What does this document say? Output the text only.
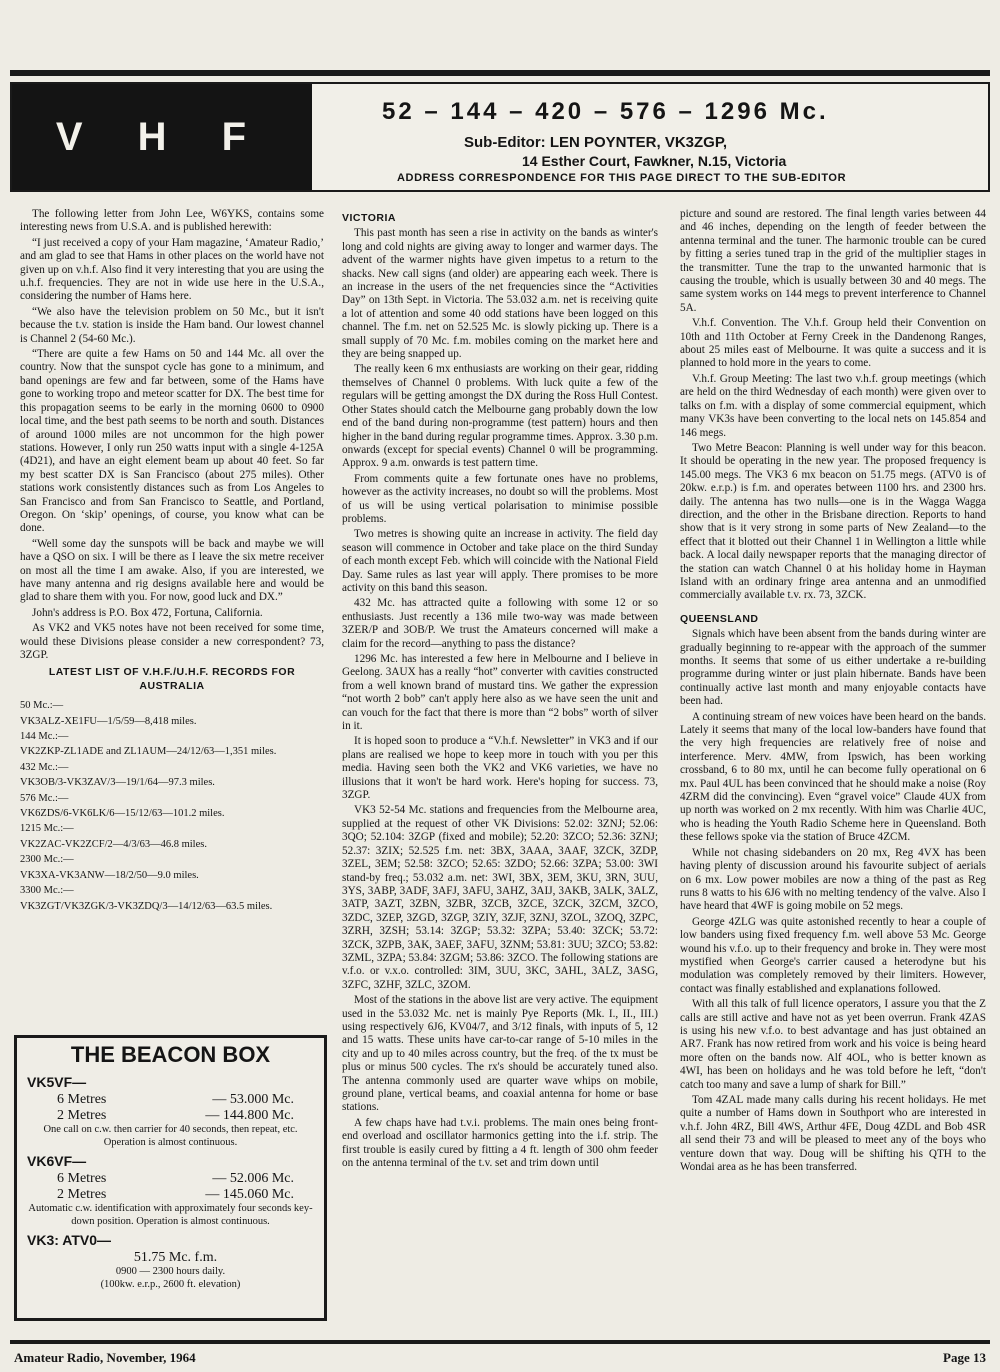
V H F
52 – 144 – 420 – 576 – 1296 Mc.
Sub-Editor: LEN POYNTER, VK3ZGP,
14 Esther Court, Fawkner, N.15, Victoria
ADDRESS CORRESPONDENCE FOR THIS PAGE DIRECT TO THE SUB-EDITOR

The following letter from John Lee, W6YKS, contains some interesting news from U.S.A. and is published herewith:

“I just received a copy of your Ham magazine, ‘Amateur Radio,’ and am glad to see that Hams in other places on the world have not given up on v.h.f. Also find it very interesting that you are using the u.h.f. frequencies. They are not in wide use here in the U.S.A., considering the number of Hams here.

“We also have the television problem on 50 Mc., but it isn't because the t.v. station is inside the Ham band. Our lowest channel is Channel 2 (54-60 Mc.).

“There are quite a few Hams on 50 and 144 Mc. all over the country. Now that the sunspot cycle has gone to a minimum, and band openings are few and far between, some of the Hams have gone to working tropo and meteor scatter for DX. The best time for this propagation seems to be early in the morning 0600 to 0900 local time, and the best path seems to be north and south. Distances of around 1000 miles are not uncommon for the high power stations. However, I only run 250 watts input with a single 4-125A (4D21), and have an eight element beam up about 40 feet. So far my best scatter DX is San Francisco (about 275 miles). Other stations work consistently distances such as from Los Angeles to San Francisco and from San Francisco to Seattle, and Portland, Oregon. On ‘skip’ openings, of course, you know what can be done.

“Well some day the sunspots will be back and maybe we will have a QSO on six. I will be there as I leave the six metre receiver on most all the time I am awake. Also, if you are interested, we have many antenna and rig designs available here and would be glad to share them with you. For now, good luck and DX.”

John's address is P.O. Box 472, Fortuna, California.

As VK2 and VK5 notes have not been received for some time, would these Divisions please consider a new correspondent? 73, 3ZGP.

LATEST LIST OF V.H.F./U.H.F. RECORDS FOR AUSTRALIA

50 Mc.:—

VK3ALZ-XE1FU—1/5/59—8,418 miles.

144 Mc.:—

VK2ZKP-ZL1ADE and ZL1AUM—24/12/63—1,351 miles.

432 Mc.:—

VK3OB/3-VK3ZAV/3—19/1/64—97.3 miles.

576 Mc.:—

VK6ZDS/6-VK6LK/6—15/12/63—101.2 miles.

1215 Mc.:—

VK2ZAC-VK2ZCF/2—4/3/63—46.8 miles.

2300 Mc.:—

VK3XA-VK3ANW—18/2/50—9.0 miles.

3300 Mc.:—

VK3ZGT/VK3ZGK/3-VK3ZDQ/3—14/12/63—63.5 miles.

THE BEACON BOX
VK5VF—
6 Metres	— 53.000 Mc.
2 Metres	— 144.800 Mc.
One call on c.w. then carrier for 40 seconds, then repeat, etc. Operation is almost continuous.
VK6VF—
6 Metres	— 52.006 Mc.
2 Metres	— 145.060 Mc.
Automatic c.w. identification with approximately four seconds key-down position. Operation is almost continuous.
VK3: ATV0—
51.75 Mc. f.m.
0900 — 2300 hours daily.
(100kw. e.r.p., 2600 ft. elevation)
VICTORIA

This past month has seen a rise in activity on the bands as winter's long and cold nights are giving away to longer and warmer days. The advent of the warmer nights have given impetus to a return to the shacks. New call signs (and older) are appearing each week. There is an increase in the users of the net frequencies since the “Activities Day” on 13th Sept. in Victoria. The 53.032 a.m. net is receiving quite a lot of attention and some 40 odd stations have been logged on this channel. The f.m. net on 52.525 Mc. is slowly picking up. There is a small supply of 70 Mc. f.m. mobiles coming on the market here and they are being snapped up.

The really keen 6 mx enthusiasts are working on their gear, ridding themselves of Channel 0 problems. With luck quite a few of the regulars will be getting amongst the DX during the Ross Hull Contest. Other States should catch the Melbourne gang probably down the low end of the band during non-programme (test pattern) hours and then higher in the band during regular programme times. Approx. 3.30 p.m. onwards (except for special events) Channel 0 will be programming. Approx. 9 a.m. onwards is test pattern time.

From comments quite a few fortunate ones have no problems, however as the activity increases, no doubt so will the problems. Most of us will be using vertical polarisation to minimise possible problems.

Two metres is showing quite an increase in activity. The field day season will commence in October and take place on the third Sunday of each month except Feb. which will coincide with the National Field Day. Same rules as last year will apply. There promises to be more activity on this band this season.

432 Mc. has attracted quite a following with some 12 or so enthusiasts. Just recently a 136 mile two-way was made between 3ZER/P and 3OB/P. We trust the Amateurs concerned will make a claim for the record—anything to pass the distance?

1296 Mc. has interested a few here in Melbourne and I believe in Geelong. 3AUX has a really “hot” converter with cavities constructed from a well known brand of mustard tins. We gather the expression “not worth 2 bob” can't apply here also as we have seen the unit and can vouch for the fact that there is more than “2 bobs” worth of silver in it.

It is hoped soon to produce a “V.h.f. Newsletter” in VK3 and if our plans are realised we hope to keep more in touch with you per this media. Having seen both the VK2 and VK6 varieties, we have no illusions that it won't be hard work. Here's hoping for success. 73, 3ZGP.

VK3 52-54 Mc. stations and frequencies from the Melbourne area, supplied at the request of other VK Divisions: 52.02: 3ZNJ; 52.06: 3QO; 52.104: 3ZGP (fixed and mobile); 52.20: 3ZCO; 52.36: 3ZNJ; 52.37: 3ZIX; 52.525 f.m. net: 3BX, 3AAA, 3AAF, 3ZCK, 3ZDP, 3ZEL, 3EM; 52.58: 3ZCO; 52.65: 3ZDO; 52.66: 3ZPA; 53.00: 3WI stand-by freq.; 53.032 a.m. net: 3WI, 3BX, 3EM, 3KU, 3RN, 3UU, 3YS, 3ABP, 3ADF, 3AFJ, 3AFU, 3AHZ, 3AIJ, 3AKB, 3ALK, 3ALZ, 3ATP, 3AZT, 3ZBN, 3ZBR, 3ZCB, 3ZCE, 3ZCK, 3ZCM, 3ZCO, 3ZDC, 3ZEP, 3ZGD, 3ZGP, 3ZIY, 3ZJF, 3ZNJ, 3ZOL, 3ZOQ, 3ZPC, 3ZRH, 3ZSH; 53.14: 3ZGP; 53.32: 3ZPA; 53.40: 3ZCK; 53.72: 3ZCK, 3ZPB, 3AK, 3AEF, 3AFU, 3ZNM; 53.81: 3UU; 3ZCO; 53.82: 3ZML, 3ZPA; 53.84: 3ZGM; 53.86: 3ZCO. The following stations are v.f.o. or v.x.o. controlled: 3IM, 3UU, 3KC, 3AHL, 3ALZ, 3ASG, 3ZFC, 3ZHF, 3ZLC, 3ZOM.

Most of the stations in the above list are very active. The equipment used in the 53.032 Mc. net is mainly Pye Reports (Mk. I., II., III.) using respectively 6J6, KV04/7, and 3/12 finals, with inputs of 5, 12 and 15 watts. These units have car-to-car range of 5-10 miles in the city and up to 40 miles across country, but the freq. of the tx must be plus or minus 500 cycles. The rx's should be accurately tuned also. The antenna commonly used are quarter wave whips on mobile, ground plane, vertical beams, and coaxial antenna for home or base stations.

A few chaps have had t.v.i. problems. The main ones being front-end overload and oscillator harmonics getting into the i.f. strip. The first trouble is easily cured by fitting a 4 ft. length of 300 ohm feeder on the antenna terminal of the t.v. set and trim down until

picture and sound are restored. The final length varies between 44 and 46 inches, depending on the length of feeder between the antenna terminal and the tuner. The harmonic trouble can be cured by fitting a series tuned trap in the grid of the multiplier stages in the transmitter. Tune the trap to the unwanted harmonic that is causing the trouble, which is usually between 30 and 40 megs. The same system works on 144 megs to prevent interference to Channel 5A.

V.h.f. Convention. The V.h.f. Group held their Convention on 10th and 11th October at Ferny Creek in the Dandenong Ranges, about 25 miles east of Melbourne. It was quite a success and it is planned to hold more in the years to come.

V.h.f. Group Meeting: The last two v.h.f. group meetings (which are held on the third Wednesday of each month) were given over to talks on f.m. with a display of some commercial equipment, which many VK3s have been converting to the local nets on 145.854 and 146 megs.

Two Metre Beacon: Planning is well under way for this beacon. It should be operating in the new year. The proposed frequency is 145.00 megs. The VK3 6 mx beacon on 51.75 megs. (ATV0 is of 20kw. e.r.p.) is f.m. and operates between 1100 hrs. and 2300 hrs. daily. The antenna has two nulls—one is in the Wagga Wagga direction, and the other in the Brisbane direction. Reports to hand show that is it very strong in some parts of New Zealand—to the effect that it blotted out their Channel 1 in Wellington a little while back. A local daily newspaper reports that the managing director of the station can watch Channel 0 at his holiday home in Hayman Island with an ordinary fringe area antenna and an unmodified commercially available t.v. rx. 73, 3ZCK.

QUEENSLAND

Signals which have been absent from the bands during winter are gradually beginning to re-appear with the approach of the summer months. It seems that some of us either undertake a re-building programme during winter or just plain hibernate. Bands have been continually active last month and many enjoyable contacts have been had.

A continuing stream of new voices have been heard on the bands. Lately it seems that many of the local low-banders have found that the very high frequencies are relatively free of noise and interference. Merv. 4MW, from Ipswich, has been working crossband, 6 to 80 mx, until he can become fully operational on 6 mx. Paul 4UL has been convinced that he should make a noise (Roy 4ZRM did the convincing). Even “gravel voice” Claude 4UX from up north was worked on 2 mx recently. With him was Charlie 4UC, who is heading the Youth Radio Scheme here in Queensland. Both these fellows spoke via the station of Bruce 4ZCM.

While not chasing sidebanders on 20 mx, Reg 4VX has been having plenty of discussion around his favourite subject of aerials on 6 mx. Low power mobiles are now a thing of the past as Reg runs 8 watts to his 6J6 with no melting tendency of the valve. Also I have heard that 4WF is going mobile on 52 megs.

George 4ZLG was quite astonished recently to hear a couple of low banders using fixed frequency f.m. well above 53 Mc. George wound his v.f.o. up to their frequency and broke in. They were most mystified when George's carrier caused a heterodyne but his modulation was completely removed by their limiters. However, contact was finally established and explanations followed.

With all this talk of full licence operators, I assure you that the Z calls are still active and have not as yet been overrun. Frank 4ZAS is using his new v.f.o. to best advantage and has just obtained an AR7. Frank has now retired from work and his voice is being heard more often on the bands now. Alf 4OL, who is better known as 4WI, has been on holidays and he was told before he left, “don't catch too many and save a lump of shark for Bill.”

Tom 4ZAL made many calls during his recent holidays. He met quite a number of Hams down in Southport who are interested in v.h.f. John 4RZ, Bill 4WS, Arthur 4FE, Doug 4ZDL and Bob 4SR all send their 73 and will be pleased to meet any of the boys who venture down that way. Doug will be shifting his QTH to the Wondai area as he has been transferred.

Amateur Radio, November, 1964	Page 13
